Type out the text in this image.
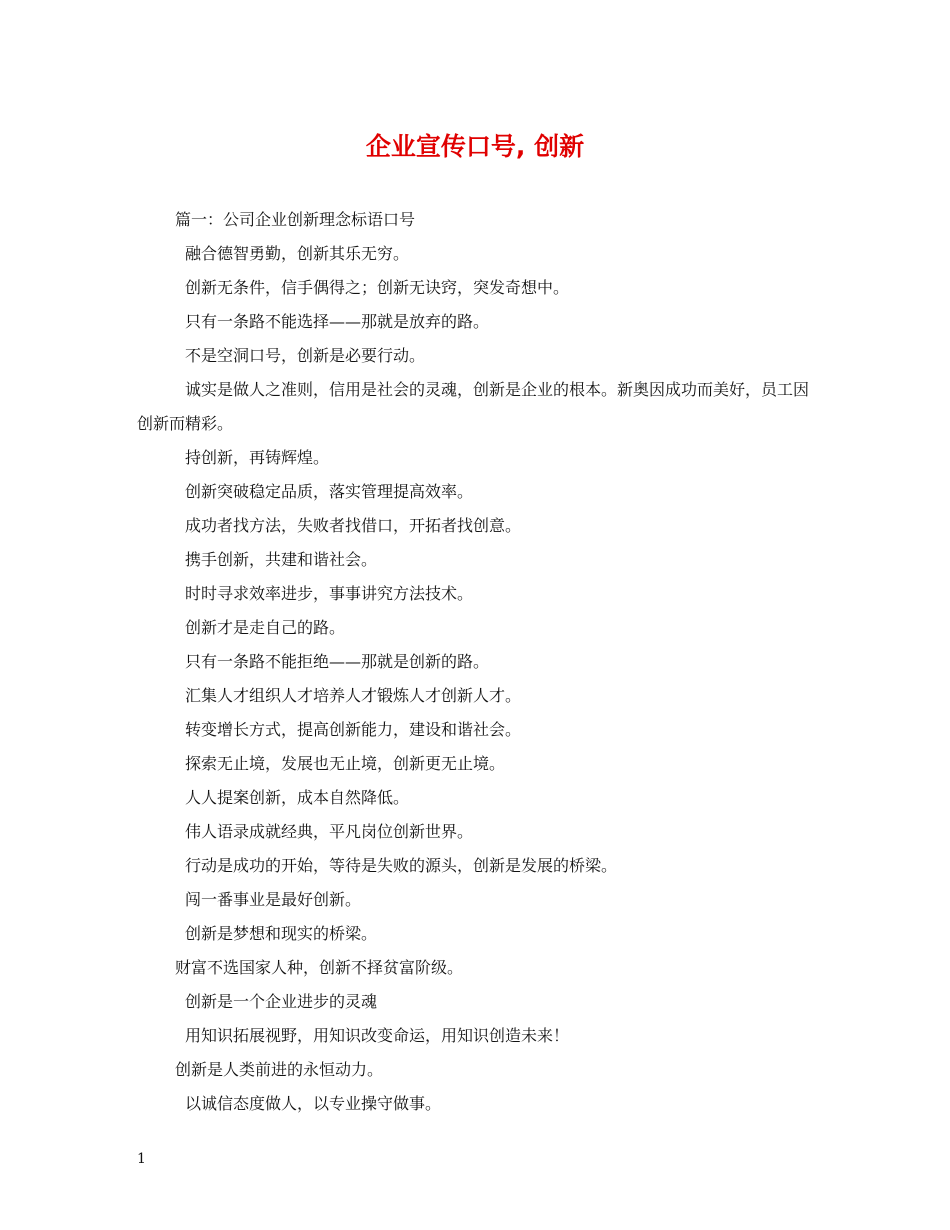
企业宣传口号, 创新

篇一：公司企业创新理念标语口号

融合德智勇勤，创新其乐无穷。

创新无条件，信手偶得之；创新无诀窍，突发奇想中。

只有一条路不能选择——那就是放弃的路。

不是空洞口号，创新是必要行动。

诚实是做人之准则，信用是社会的灵魂，创新是企业的根本。新奥因成功而美好，员工因创新而精彩。

持创新，再铸辉煌。

创新突破稳定品质，落实管理提高效率。

成功者找方法，失败者找借口，开拓者找创意。

携手创新，共建和谐社会。

时时寻求效率进步，事事讲究方法技术。

创新才是走自己的路。

只有一条路不能拒绝——那就是创新的路。

汇集人才组织人才培养人才锻炼人才创新人才。

转变增长方式，提高创新能力，建设和谐社会。

探索无止境，发展也无止境，创新更无止境。

人人提案创新，成本自然降低。

伟人语录成就经典，平凡岗位创新世界。

行动是成功的开始，等待是失败的源头，创新是发展的桥梁。

闯一番事业是最好创新。

创新是梦想和现实的桥梁。

财富不选国家人种，创新不择贫富阶级。

创新是一个企业进步的灵魂

用知识拓展视野，用知识改变命运，用知识创造未来！

创新是人类前进的永恒动力。

以诚信态度做人，以专业操守做事。

1
